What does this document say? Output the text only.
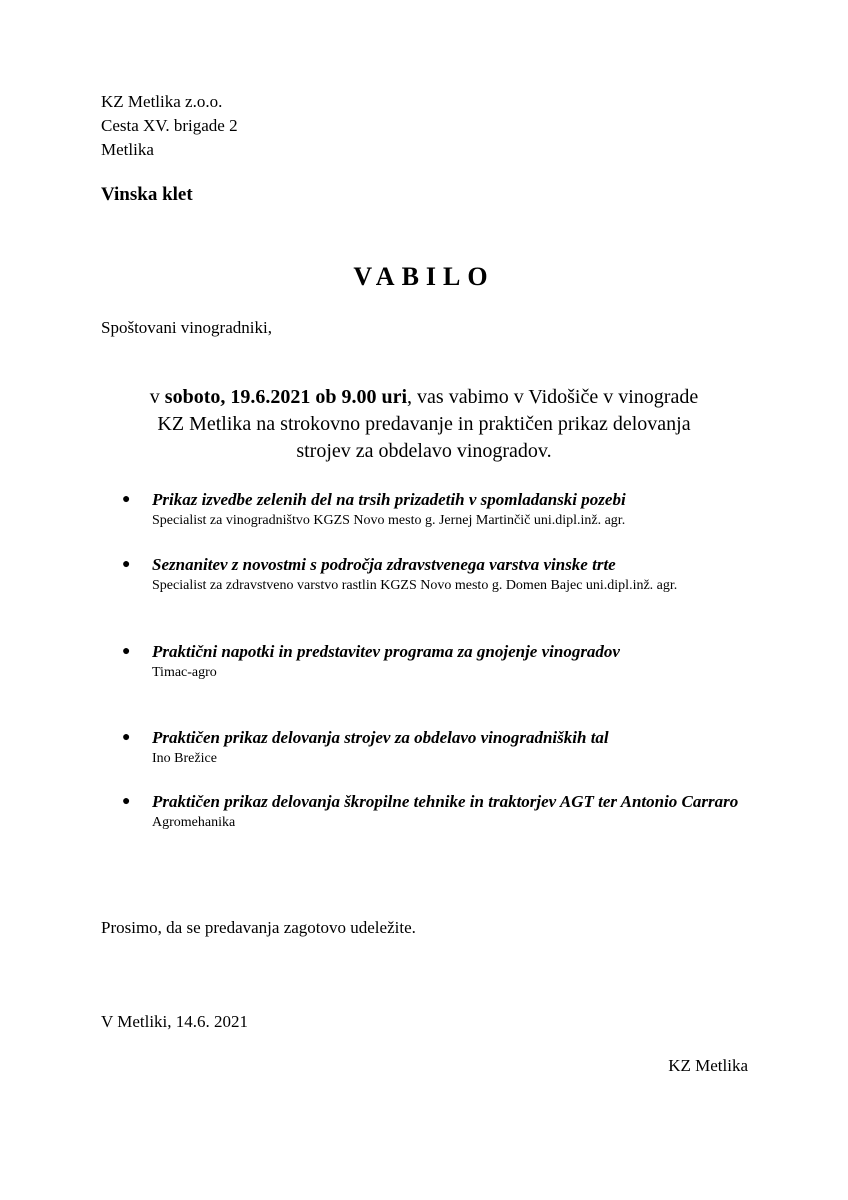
KZ Metlika z.o.o.
Cesta XV. brigade 2
Metlika
Vinska klet
VABILO
Spoštovani vinogradniki,
v soboto, 19.6.2021 ob 9.00 uri, vas vabimo v Vidošiče v vinograde
KZ Metlika na strokovno predavanje in praktičen prikaz delovanja
strojev za obdelavo vinogradov.
● Prikaz izvedbe zelenih del na trsih prizadetih v spomladanski pozebi
Specialist za vinogradništvo KGZS Novo mesto g. Jernej Martinčič uni.dipl.inž. agr.
● Seznanitev z novostmi s področja zdravstvenega varstva vinske trte
Specialist za zdravstveno varstvo rastlin KGZS Novo mesto g. Domen Bajec uni.dipl.inž. agr.
● Praktični napotki in predstavitev programa za gnojenje vinogradov
Timac-agro
● Praktičen prikaz delovanja strojev za obdelavo vinogradniških tal
Ino Brežice
● Praktičen prikaz delovanja škropilne tehnike in traktorjev AGT ter Antonio Carraro
Agromehanika
Prosimo, da se predavanja zagotovo udeležite.
V Metliki, 14.6. 2021
KZ Metlika
